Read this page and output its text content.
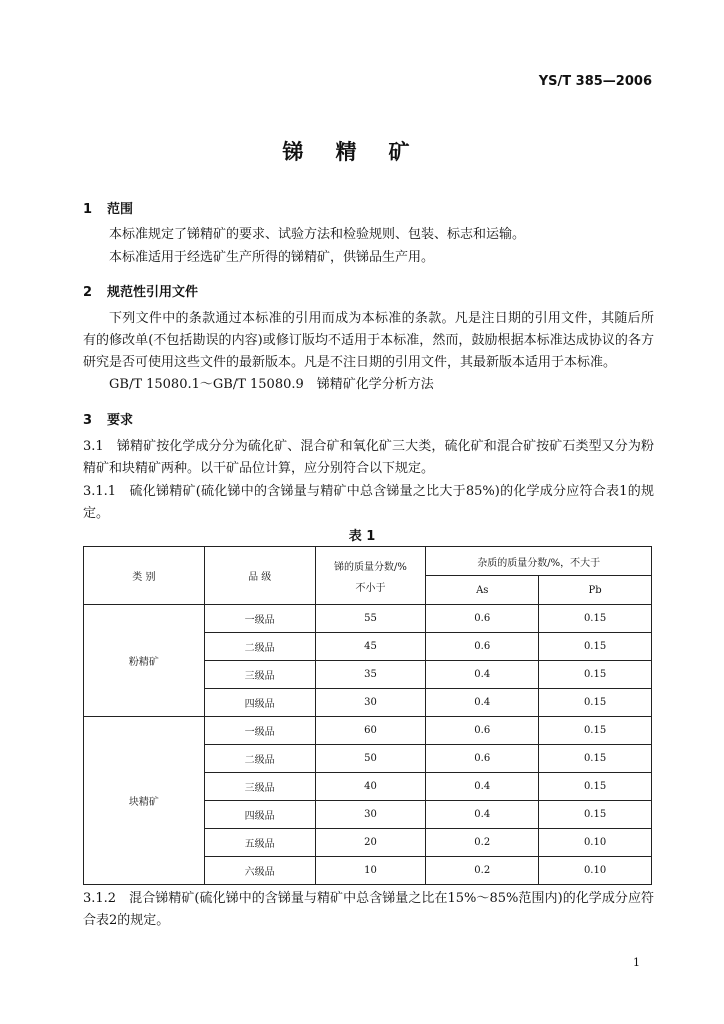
YS/T 385—2006
锑精矿
1 范围
本标准规定了锑精矿的要求、试验方法和检验规则、包装、标志和运输。
本标准适用于经选矿生产所得的锑精矿，供锑品生产用。
2 规范性引用文件
下列文件中的条款通过本标准的引用而成为本标准的条款。凡是注日期的引用文件，其随后所有的修改单(不包括勘误的内容)或修订版均不适用于本标准，然而，鼓励根据本标准达成协议的各方研究是否可使用这些文件的最新版本。凡是不注日期的引用文件，其最新版本适用于本标准。
GB/T 15080.1～GB/T 15080.9　锑精矿化学分析方法
3 要求
3.1　锑精矿按化学成分分为硫化矿、混合矿和氧化矿三大类，硫化矿和混合矿按矿石类型又分为粉精矿和块精矿两种。以干矿品位计算，应分别符合以下规定。
3.1.1　硫化锑精矿(硫化锑中的含锑量与精矿中总含锑量之比大于85%)的化学成分应符合表1的规定。
表 1
类 别	品 级	锑的质量分数/%
不小于	杂质的质量分数/%，不大于	
			As	Pb
粉精矿	一级品	55	0.6	0.15
	二级品	45	0.6	0.15
	三级品	35	0.4	0.15
	四级品	30	0.4	0.15
块精矿	一级品	60	0.6	0.15
	二级品	50	0.6	0.15
	三级品	40	0.4	0.15
	四级品	30	0.4	0.15
	五级品	20	0.2	0.10
	六级品	10	0.2	0.10
3.1.2　混合锑精矿(硫化锑中的含锑量与精矿中总含锑量之比在15%～85%范围内)的化学成分应符合表2的规定。
1
